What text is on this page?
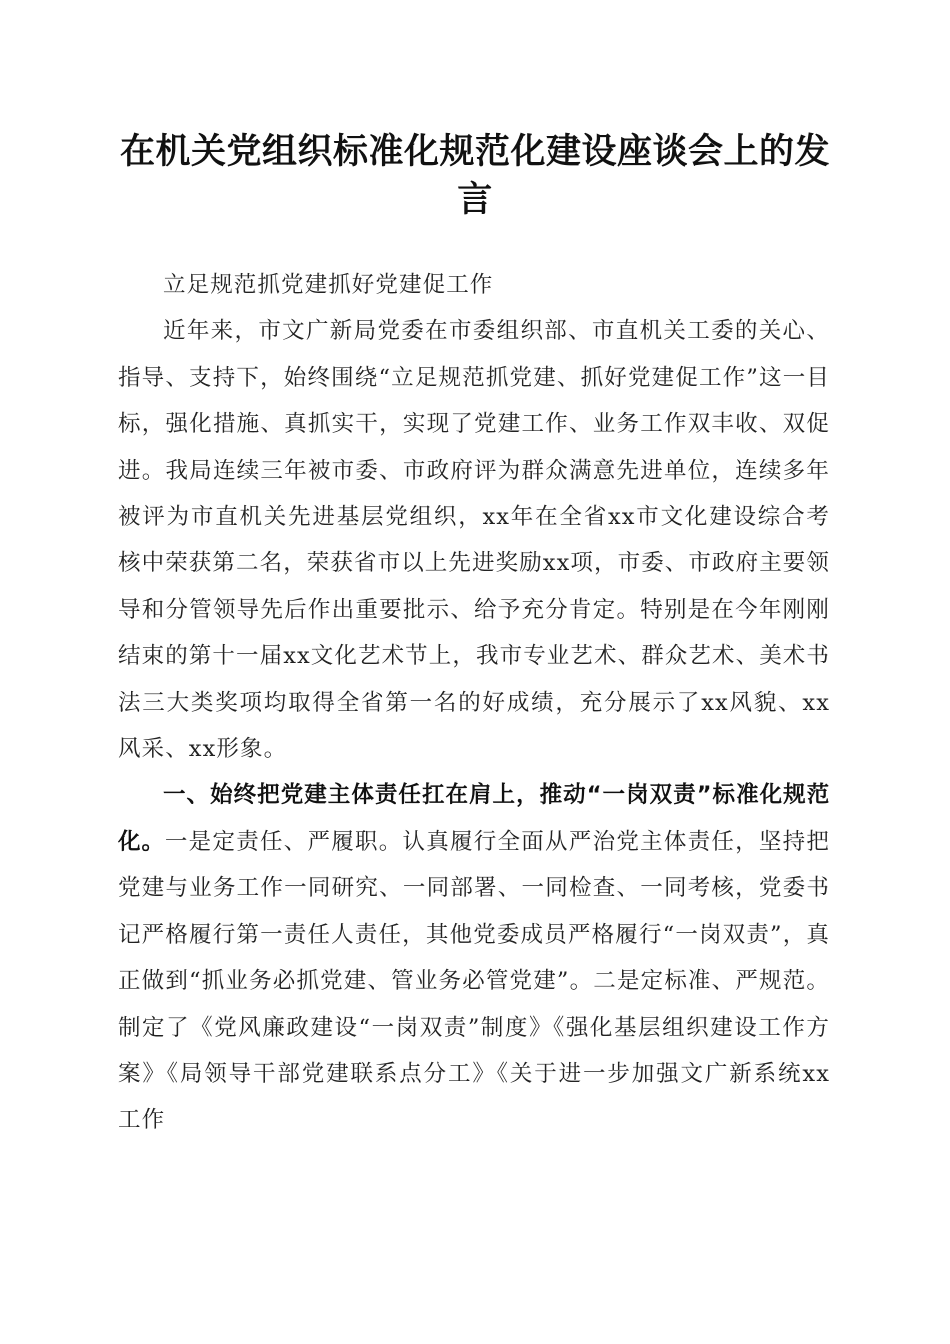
在机关党组织标准化规范化建设座谈会上的发言

立足规范抓党建抓好党建促工作

近年来，市文广新局党委在市委组织部、市直机关工委的关心、指导、支持下，始终围绕“立足规范抓党建、抓好党建促工作”这一目标，强化措施、真抓实干，实现了党建工作、业务工作双丰收、双促进。我局连续三年被市委、市政府评为群众满意先进单位，连续多年被评为市直机关先进基层党组织，xx年在全省xx市文化建设综合考核中荣获第二名，荣获省市以上先进奖励xx项，市委、市政府主要领导和分管领导先后作出重要批示、给予充分肯定。特别是在今年刚刚结束的第十一届xx文化艺术节上，我市专业艺术、群众艺术、美术书法三大类奖项均取得全省第一名的好成绩，充分展示了xx风貌、xx风采、xx形象。

一、始终把党建主体责任扛在肩上，推动“一岗双责”标准化规范化。一是定责任、严履职。认真履行全面从严治党主体责任，坚持把党建与业务工作一同研究、一同部署、一同检查、一同考核，党委书记严格履行第一责任人责任，其他党委成员严格履行“一岗双责”，真正做到“抓业务必抓党建、管业务必管党建”。二是定标准、严规范。制定了《党风廉政建设“一岗双责”制度》《强化基层组织建设工作方案》《局领导干部党建联系点分工》《关于进一步加强文广新系统xx工作
